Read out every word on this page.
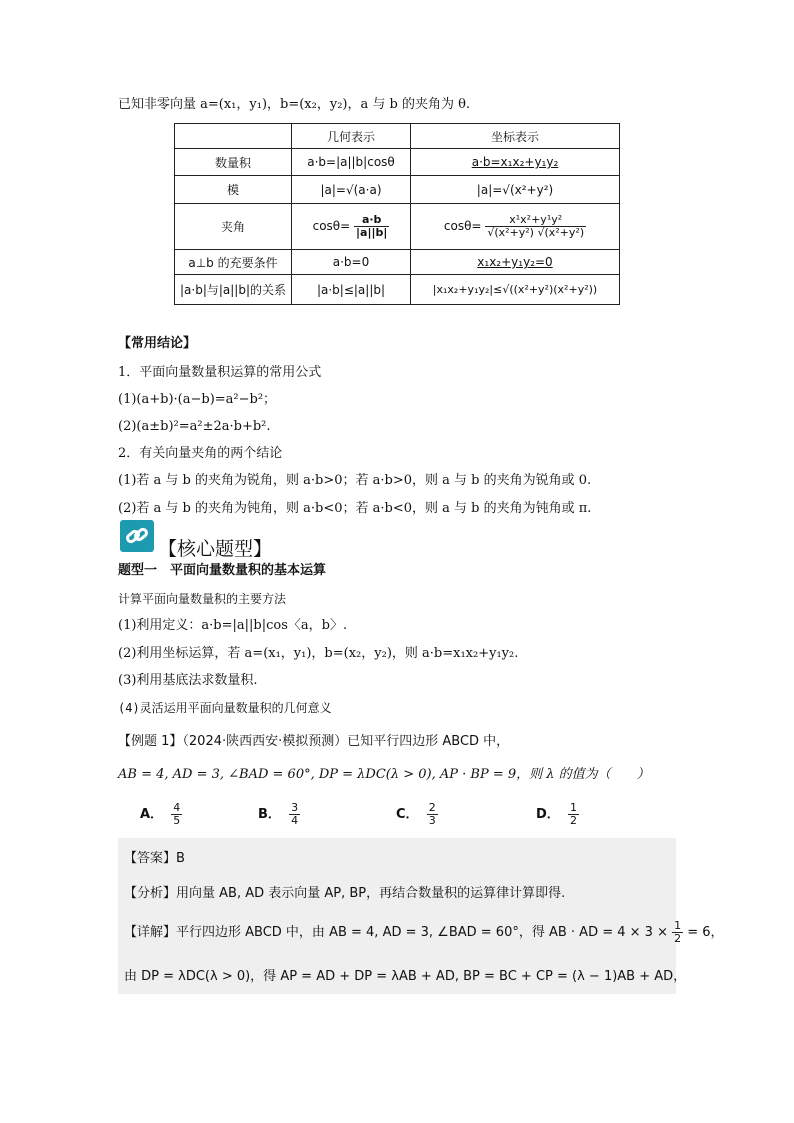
已知非零向量 a=(x₁，y₁)，b=(x₂，y₂)，a 与 b 的夹角为 θ.
	几何表示	坐标表示
数量积	a·b=|a||b|cosθ	a·b=x₁x₂+y₁y₂
模	|a|=√(a·a)	|a|=√(x²+y²)
夹角	$\cos\theta= \frac{a\cdot b}{|a||b|}$	$\cos\theta= \frac{\text{x¹x²+y¹y²}}{\text{√(x²+y²) √(x²+y²)}}$

a⊥b 的充要条件	a·b=0	x₁x₂+y₁y₂=0
|a·b|与|a||b|的关系	|a·b|≤|a||b|	|x₁x₂+y₁y₂|≤√((x²+y²)(x²+y²))
【常用结论】
1．平面向量数量积运算的常用公式
(1)(a+b)·(a−b)=a²−b²；
(2)(a±b)²=a²±2a·b+b².
2．有关向量夹角的两个结论
(1)若 a 与 b 的夹角为锐角，则 a·b>0；若 a·b>0，则 a 与 b 的夹角为锐角或 0.
(2)若 a 与 b 的夹角为钝角，则 a·b<0；若 a·b<0，则 a 与 b 的夹角为钝角或 π.
【核心题型】
题型一　平面向量数量积的基本运算
计算平面向量数量积的主要方法
(1)利用定义：a·b=|a||b|cos〈a，b〉.
(2)利用坐标运算，若 a=(x₁，y₁)，b=(x₂，y₂)，则 a·b=x₁x₂+y₁y₂.
(3)利用基底法求数量积.
(4)灵活运用平面向量数量积的几何意义
【例题 1】（2024·陕西西安·模拟预测）已知平行四边形 ABCD 中，
AB = 4, AD = 3, ∠BAD = 60°, DP = λDC(λ > 0), AP · BP = 9，则 λ 的值为（　　）
A． $\frac{4}{5}$	B． $\frac{3}{4}$	C． $\frac{2}{3}$	D． $\frac{1}{2}$
【答案】B
【分析】用向量 AB, AD 表示向量 AP, BP，再结合数量积的运算律计算即得.
【详解】平行四边形 ABCD 中，由 AB = 4, AD = 3, ∠BAD = 60°，得 AB · AD = $4 \times 3 \times \frac{1}{2} = 6$，
由 DP = λDC(λ > 0)，得 AP = AD + DP = λAB + AD, BP = BC + CP = (λ − 1)AB + AD，
